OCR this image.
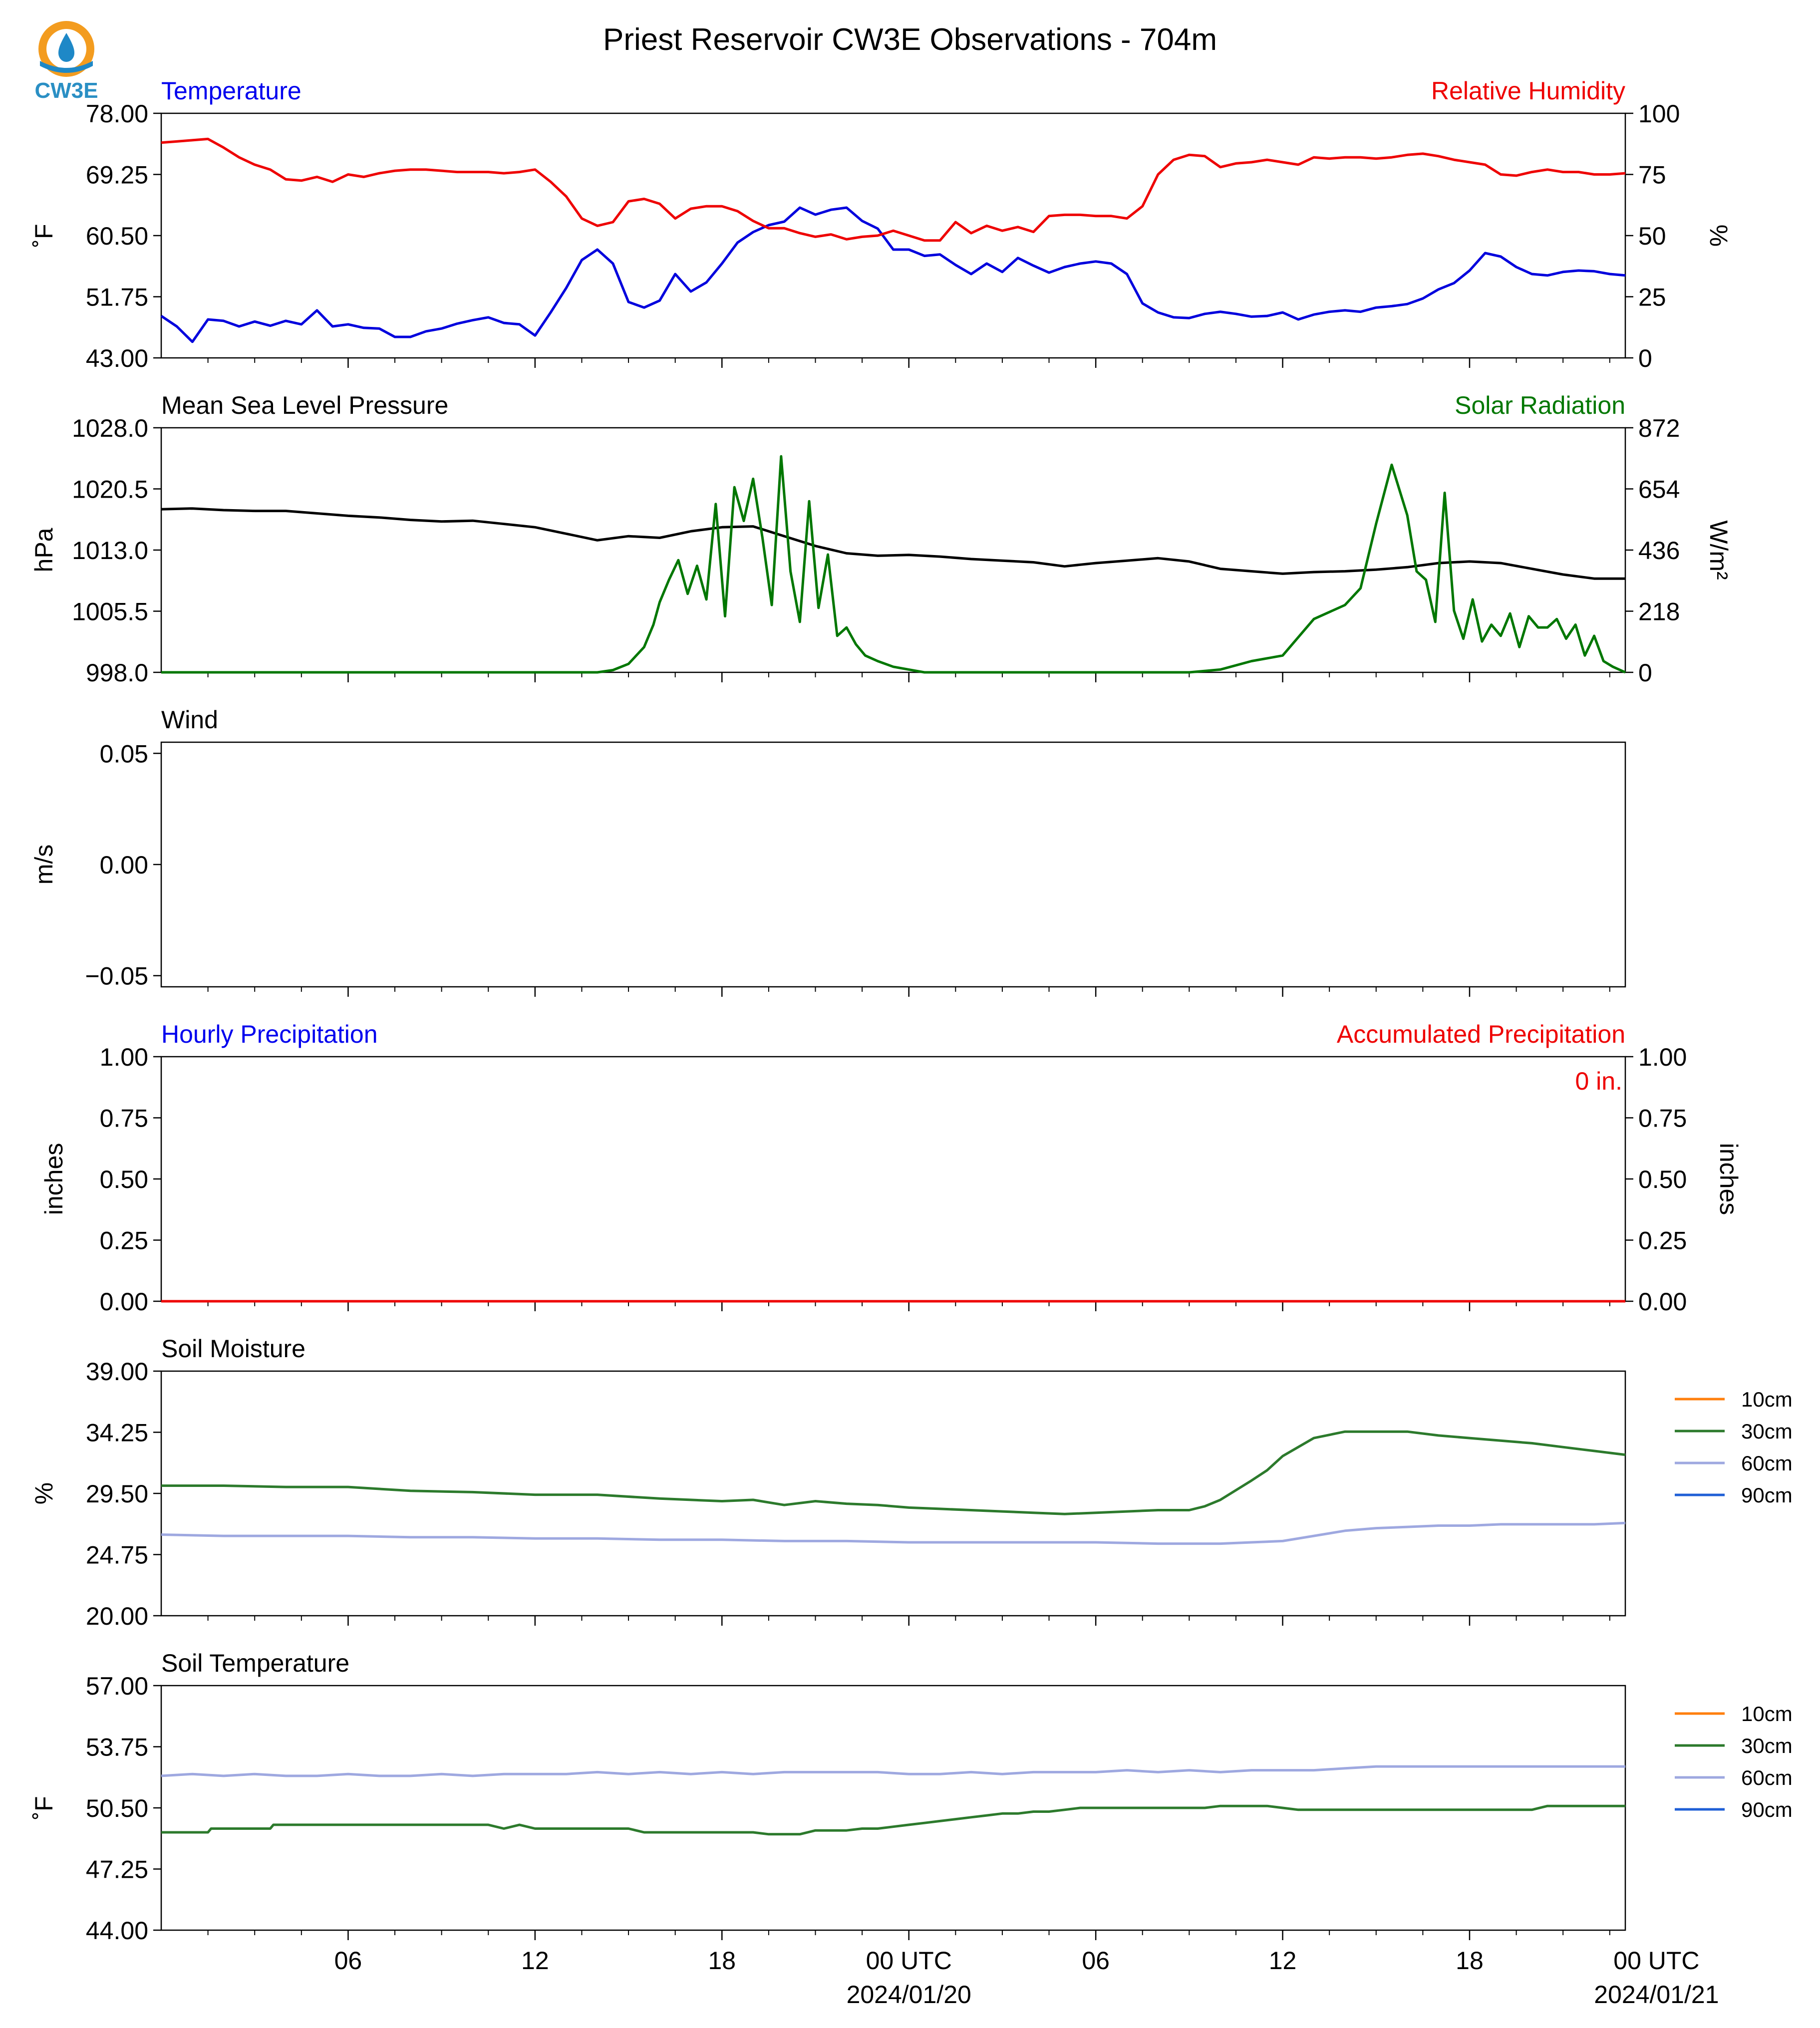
Priest Reservoir CW3E Observations - 704m
CW3E	Temperature	Relative Humidity
78.00
69.25
60.50
51.75
43.00
˚F
100
75
50
25
0
%
Mean Sea Level Pressure	Solar Radiation
1028.0
1020.5
1013.0
1005.5
998.0
hPa
872
654
436
218
0
W/m²
Wind
0.05
0.00
−0.05
m/s
Hourly Precipitation	Accumulated Precipitation
1.00
0.75
0.50
0.25
0.00
inches
1.00
0.75
0.50
0.25
0.00
inches
0 in.
Soil Moisture
39.00
34.25
29.50
24.75
20.00
%
10cm
30cm
60cm
90cm
Soil Temperature
57.00
53.75
50.50
47.25
44.00
˚F
06	12	18	00 UTC	06	12	18	00 UTC
2024/01/20	2024/01/21
10cm
30cm
60cm
90cm
